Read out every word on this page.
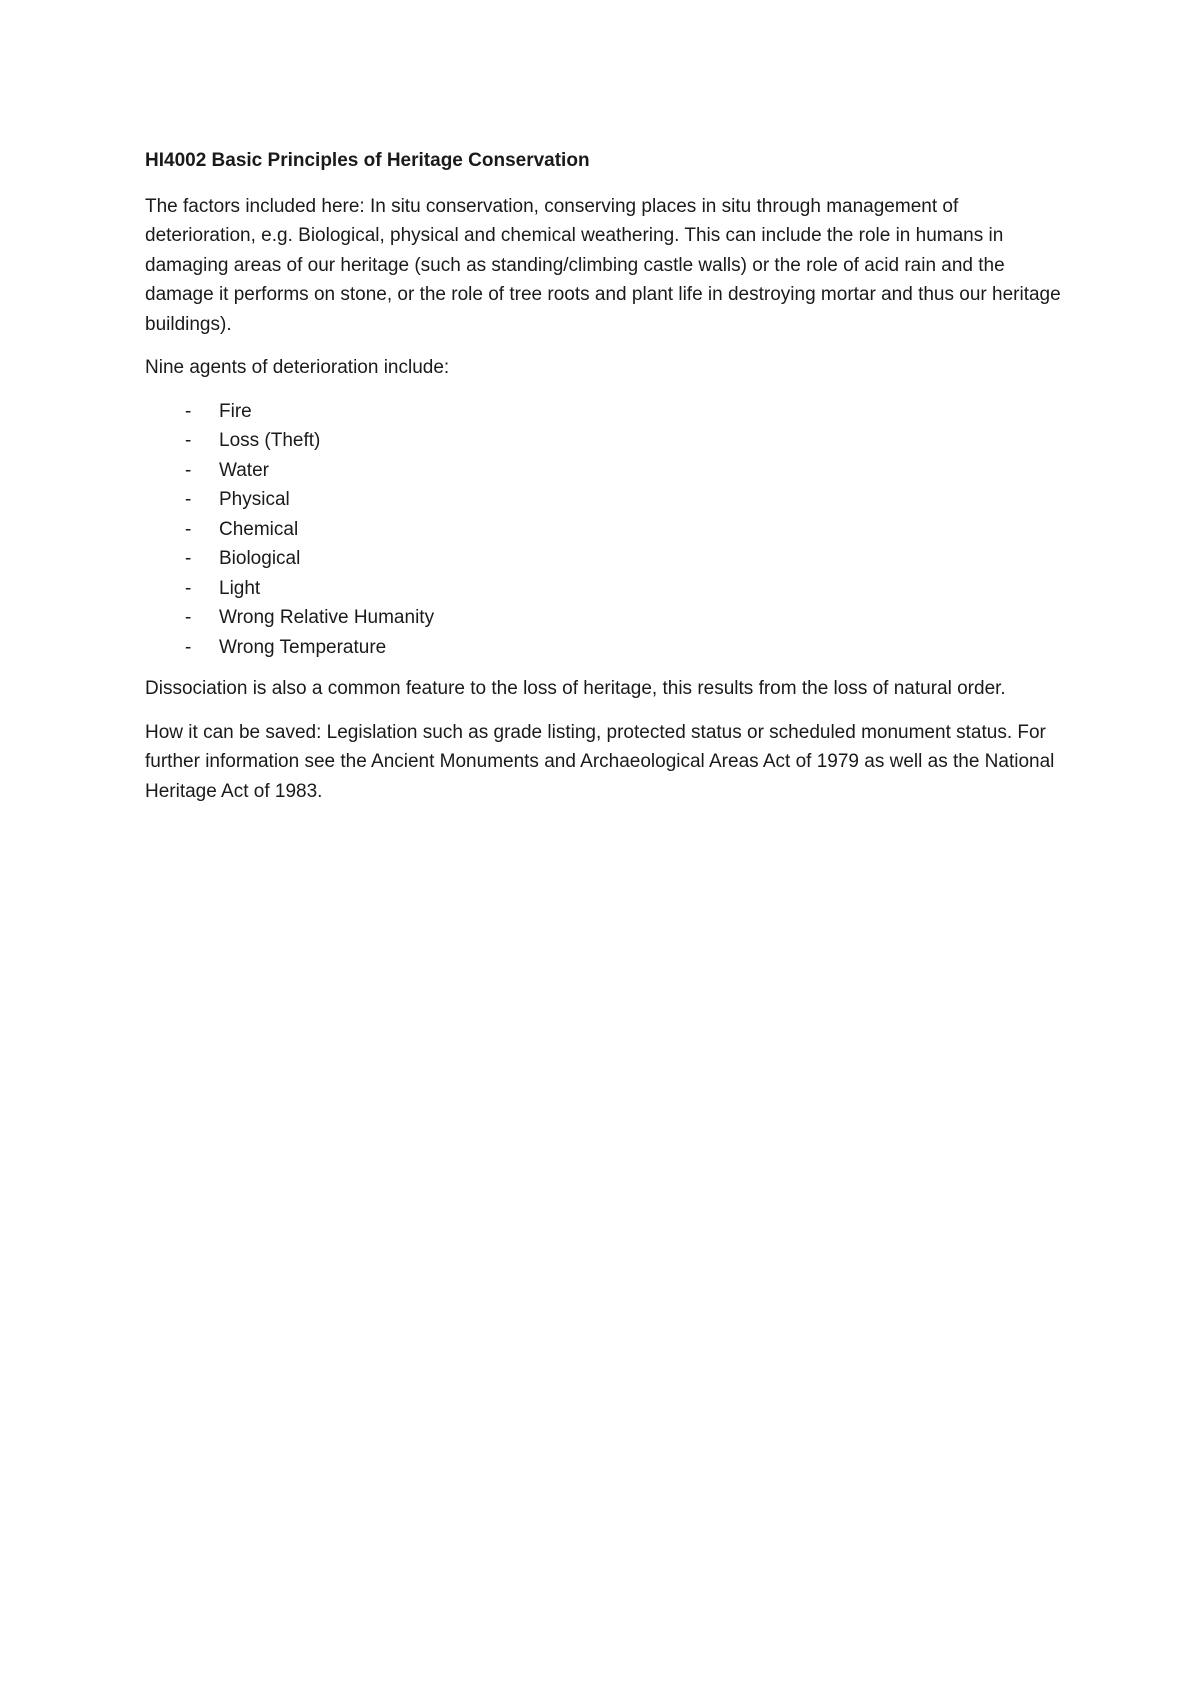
HI4002 Basic Principles of Heritage Conservation

The factors included here: In situ conservation, conserving places in situ through management of deterioration, e.g. Biological, physical and chemical weathering. This can include the role in humans in damaging areas of our heritage (such as standing/climbing castle walls) or the role of acid rain and the damage it performs on stone, or the role of tree roots and plant life in destroying mortar and thus our heritage buildings).

Nine agents of deterioration include:

-	Fire
-	Loss (Theft)
-	Water
-	Physical
-	Chemical
-	Biological
-	Light
-	Wrong Relative Humanity
-	Wrong Temperature

Dissociation is also a common feature to the loss of heritage, this results from the loss of natural order.

How it can be saved: Legislation such as grade listing, protected status or scheduled monument status. For further information see the Ancient Monuments and Archaeological Areas Act of 1979 as well as the National Heritage Act of 1983.
